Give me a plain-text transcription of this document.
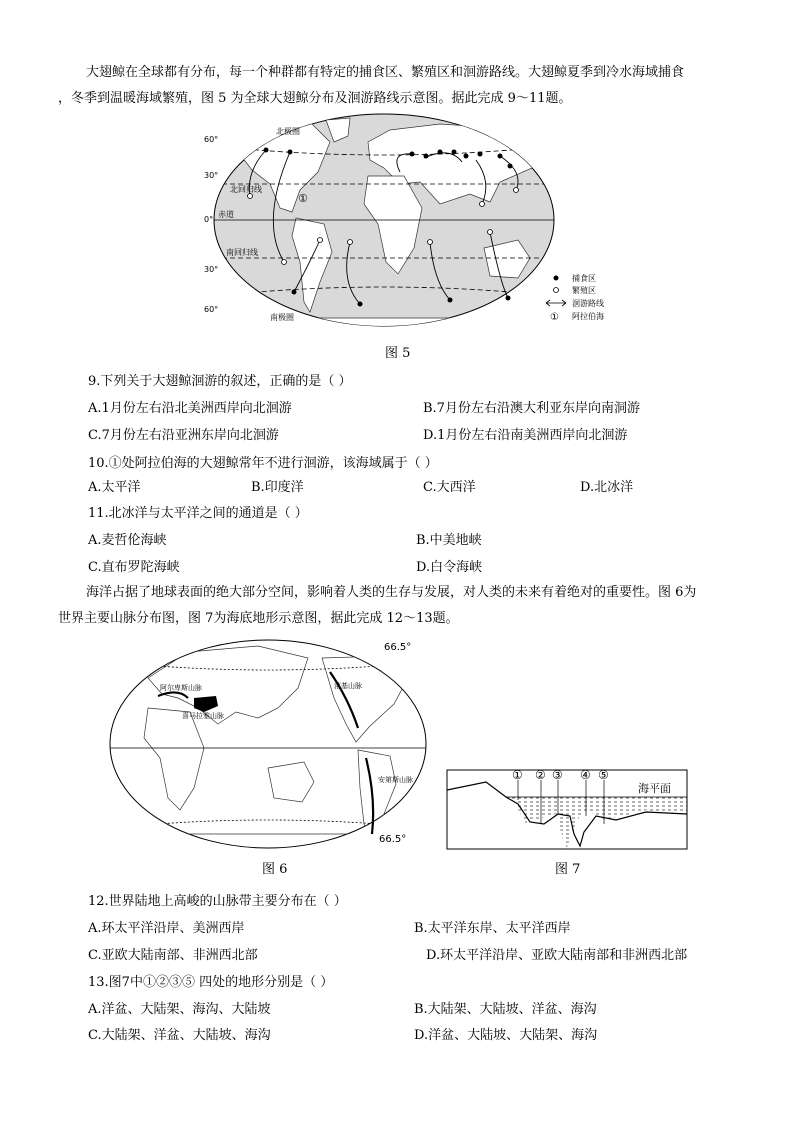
大翅鲸在全球都有分布，每一个种群都有特定的捕食区、繁殖区和洄游路线。大翅鲸夏季到冷水海域捕食
，冬季到温暖海域繁殖，图 5 为全球大翅鲸分布及洄游路线示意图。据此完成 9～11题。
60°
30°
0°
30°
60°
北极圈
北回归线
赤道
南回归线
南极圈
①
捕食区
繁殖区
洄游路线
① 阿拉伯海
图 5
9.下列关于大翅鲸洄游的叙述，正确的是（ ）
A.1月份左右沿北美洲西岸向北洄游	B.7月份左右沿澳大利亚东岸向南洞游
C.7月份左右沿亚洲东岸向北洄游	D.1月份左右沿南美洲西岸向北洄游
10.①处阿拉伯海的大翅鲸常年不进行洄游，该海域属于（ ）
A.太平洋	B.印度洋	C.大西洋	D.北冰洋
11.北冰洋与太平洋之间的通道是（ ）
A.麦哲伦海峡	B.中美地峡
C.直布罗陀海峡	D.白令海峡
海洋占据了地球表面的绝大部分空间，影响着人类的生存与发展，对人类的未来有着绝对的重要性。图 6为
世界主要山脉分布图，图 7为海底地形示意图，据此完成 12～13题。
阿尔卑斯山脉
喜马拉雅山脉
落基山脉
安第斯山脉
66.5°
66.5°
图 6
① ② ③ ④ ⑤
海平面
图 7
12.世界陆地上高峻的山脉带主要分布在（ ）
A.环太平洋沿岸、美洲西岸	B.太平洋东岸、太平洋西岸
C.亚欧大陆南部、非洲西北部	D.环太平洋沿岸、亚欧大陆南部和非洲西北部
13.图7中①②③⑤ 四处的地形分别是（ ）
A.洋盆、大陆架、海沟、大陆坡	B.大陆架、大陆坡、洋盆、海沟
C.大陆架、洋盆、大陆坡、海沟	D.洋盆、大陆坡、大陆架、海沟
